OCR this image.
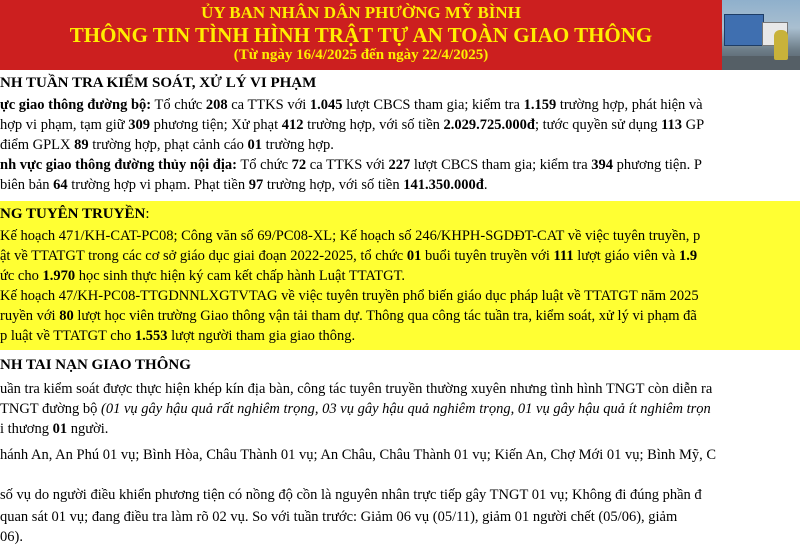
ỦY BAN NHÂN DÂN PHƯỜNG MỸ BÌNH
THÔNG TIN TÌNH HÌNH TRẬT TỰ AN TOÀN GIAO THÔNG
(Từ ngày 16/4/2025 đến ngày 22/4/2025)
NH TUẦN TRA KIỂM SOÁT, XỬ LÝ VI PHẠM
ực giao thông đường bộ: Tổ chức 208 ca TTKS với 1.045 lượt CBCS tham gia; kiểm tra 1.159 trường hợp, phát hiện và
hợp vi phạm, tạm giữ 309 phương tiện; Xử phạt 412 trường hợp, với số tiền 2.029.725.000đ; tước quyền sử dụng 113 GP
điểm GPLX 89 trường hợp, phạt cảnh cáo 01 trường hợp.
nh vực giao thông đường thủy nội địa: Tổ chức 72 ca TTKS với 227 lượt CBCS tham gia; kiểm tra 394 phương tiện. P
biên bản 64 trường hợp vi phạm. Phạt tiền 97 trường hợp, với số tiền 141.350.000đ.
NG TUYÊN TRUYỀN:
Kế hoạch 471/KH-CAT-PC08; Công văn số 69/PC08-XL; Kế hoạch số 246/KHPH-SGDĐT-CAT về việc tuyên truyền, p
ật về TTATGT trong các cơ sở giáo dục giai đoạn 2022-2025, tổ chức 01 buổi tuyên truyền với 111 lượt giáo viên và 1.9
ức cho 1.970 học sinh thực hiện ký cam kết chấp hành Luật TTATGT.
Kế hoạch 47/KH-PC08-TTGDNNLXGTVTAG về việc tuyên truyền phổ biến giáo dục pháp luật về TTATGT năm 2025
ruyền với 80 lượt học viên trường Giao thông vận tải tham dự. Thông qua công tác tuần tra, kiểm soát, xử lý vi phạm đã
p luật về TTATGT cho 1.553 lượt người tham gia giao thông.
NH TAI NẠN GIAO THÔNG
uần tra kiểm soát được thực hiện khép kín địa bàn, công tác tuyên truyền thường xuyên nhưng tình hình TNGT còn diễn ra
TNGT đường bộ (01 vụ gây hậu quả rất nghiêm trọng, 03 vụ gây hậu quả nghiêm trọng, 01 vụ gây hậu quả ít nghiêm trọn
i thương 01 người.
hánh An, An Phú 01 vụ; Bình Hòa, Châu Thành 01 vụ; An Châu, Châu Thành 01 vụ; Kiến An, Chợ Mới 01 vụ; Bình Mỹ, C
số vụ do người điều khiển phương tiện có nồng độ cồn là nguyên nhân trực tiếp gây TNGT 01 vụ; Không đi đúng phần đ
quan sát 01 vụ; đang điều tra làm rõ 02 vụ. So với tuần trước: Giảm 06 vụ (05/11), giảm 01 người chết (05/06), giảm
06).
